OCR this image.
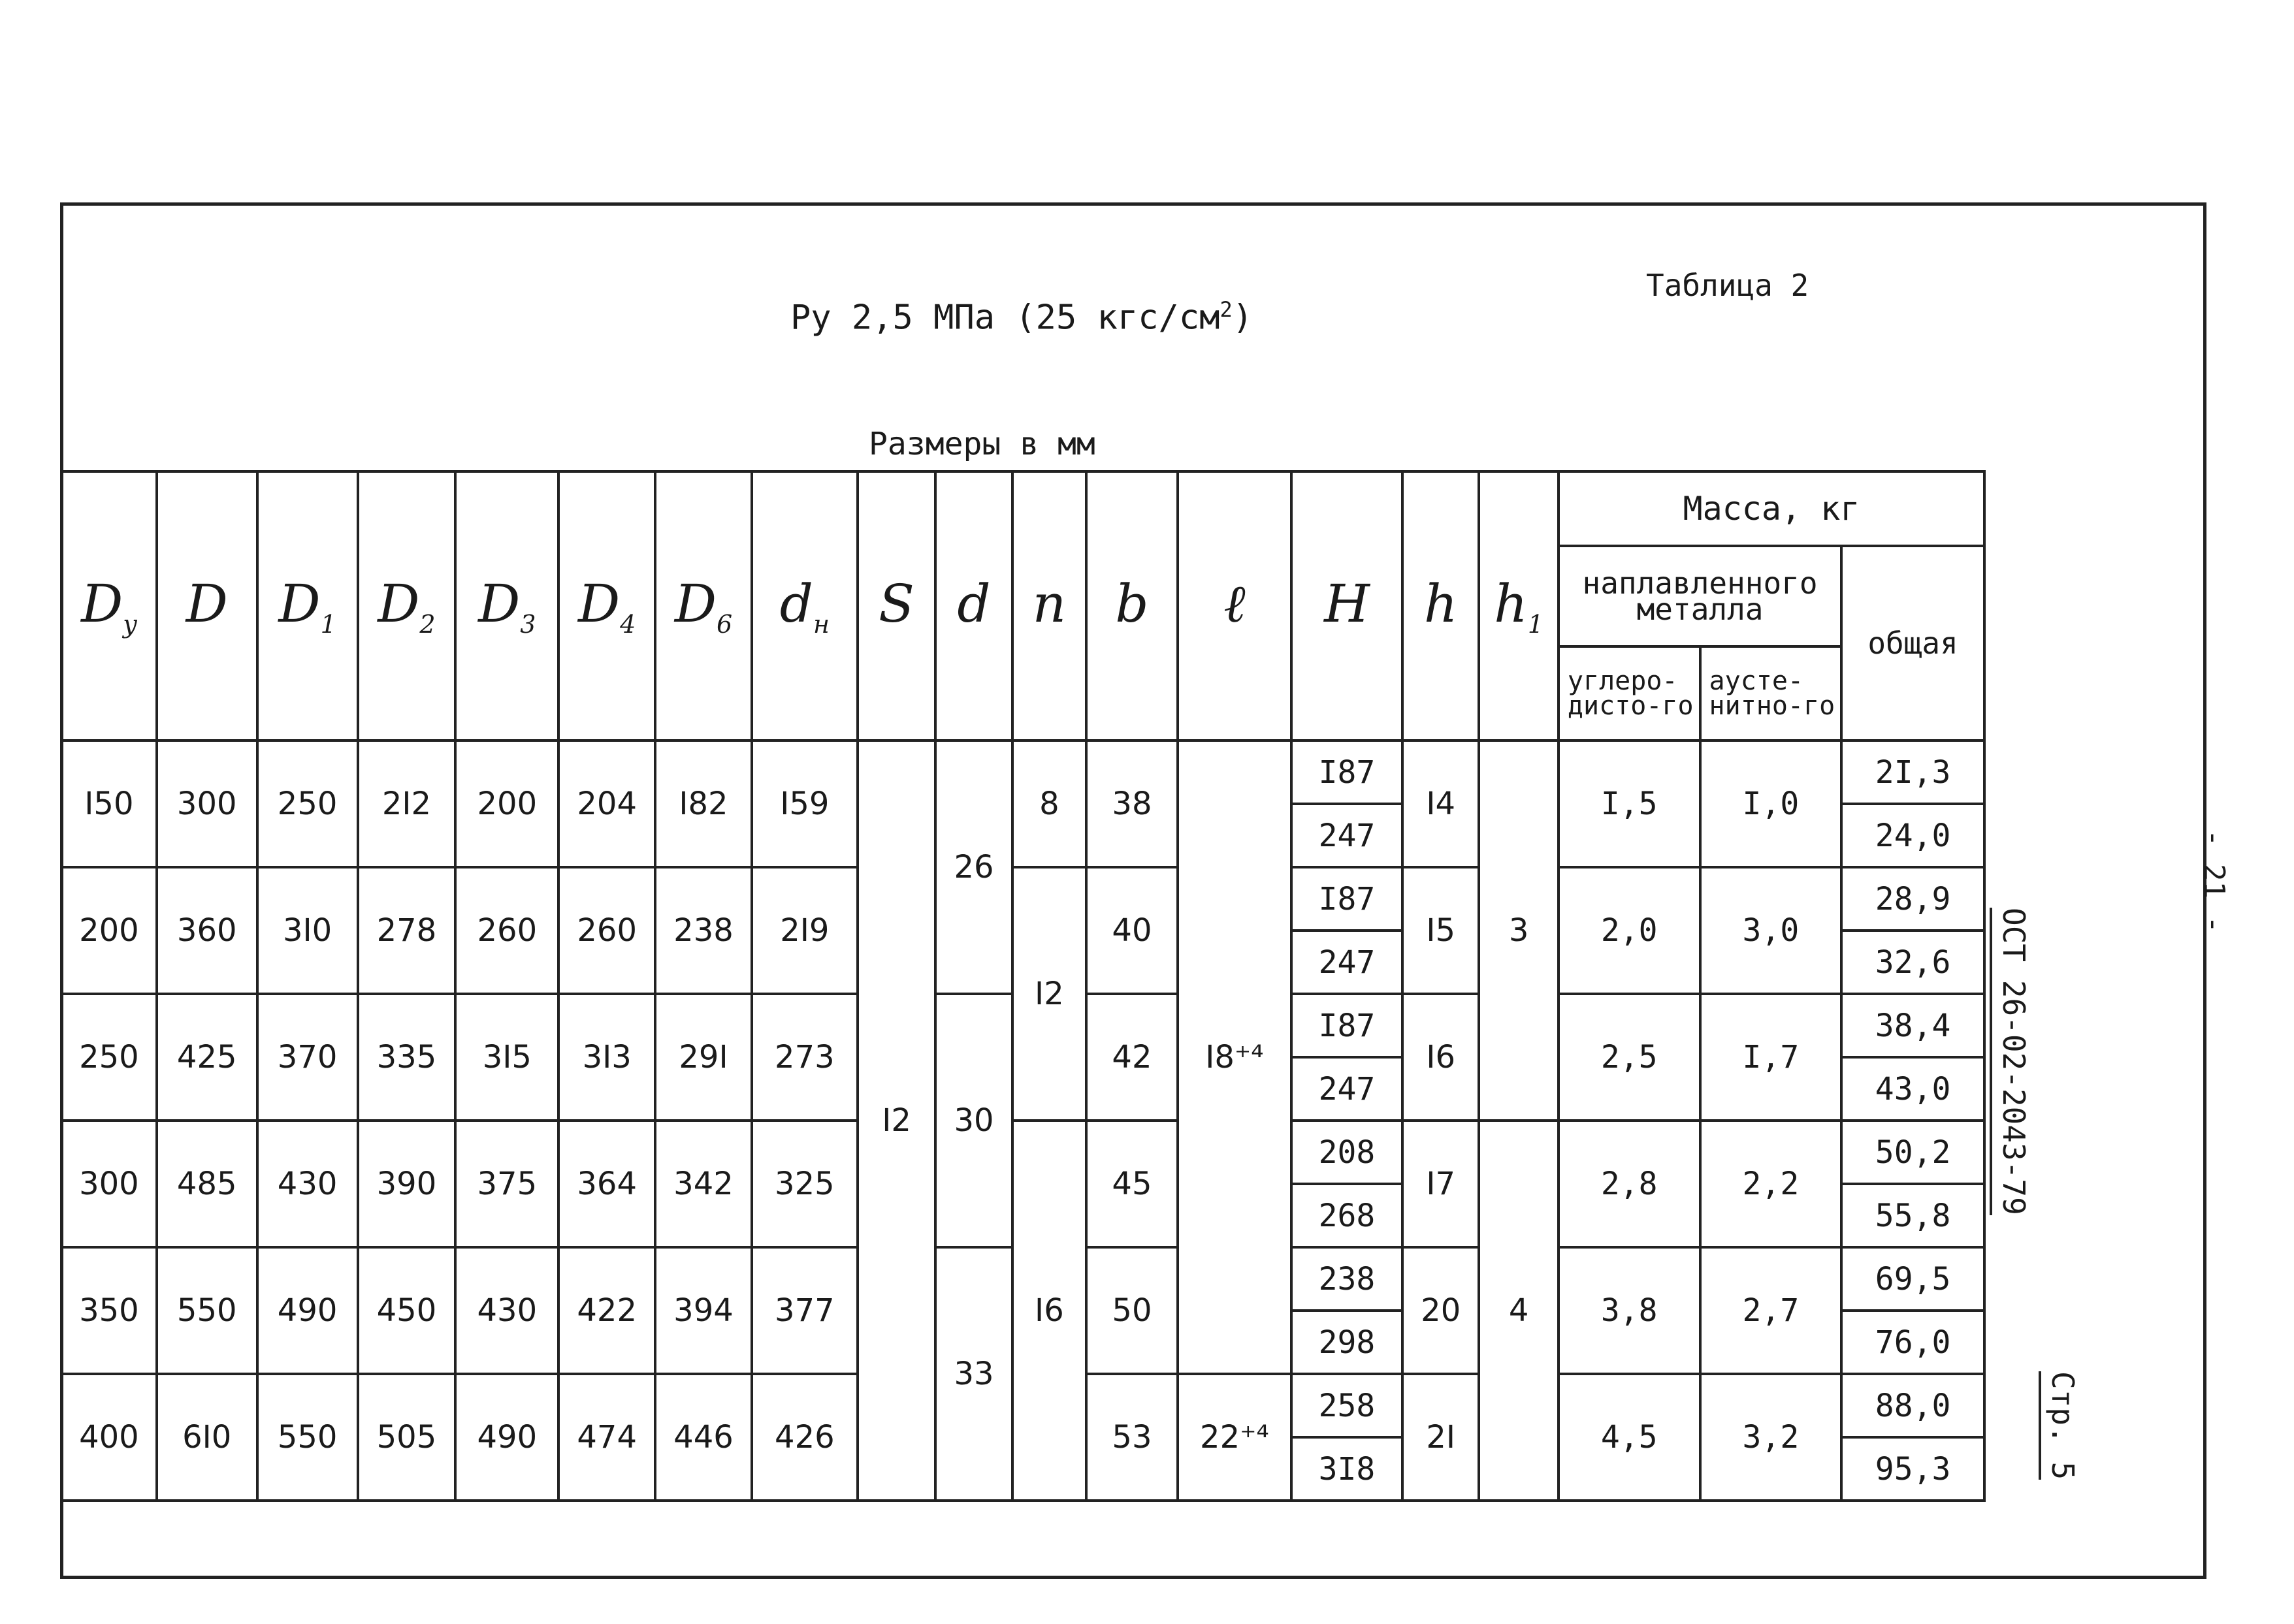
Таблица 2
Ру 2,5 МПа (25 кгс/$см^2$)
Размеры в мм
$D_y$	D	$D_1$	$D_2$	$D_3$	$D_4$	$D_6$	$d_н$	S	d	n	b	ℓ	H	h	$h_1$	Масса, кг		
																наплавленного металла		общая
																углеро-дисто-го	аусте-нитно-го	
I50	300	250	2I2	200	204	I82	I59	I2	26	8	38	I8⁺⁴	I87	I4	3	I,5	I,0	2I,3
													247					24,0
200	360	3I0	278	260	260	238	2I9			I2	40		I87	I5		2,0	3,0	28,9
													247					32,6
250	425	370	335	3I5	3I3	29I	273		30		42		I87	I6		2,5	I,7	38,4
													247					43,0
300	485	430	390	375	364	342	325			I6	45		208	I7	4	2,8	2,2	50,2
													268					55,8
350	550	490	450	430	422	394	377		33		50		238	20		3,8	2,7	69,5
													298					76,0
400	6I0	550	505	490	474	446	426				53	22⁺⁴	258	2I		4,5	3,2	88,0
													3I8					95,3
ОСТ 26-02-2043-79
Стр. 5
- 21 -
